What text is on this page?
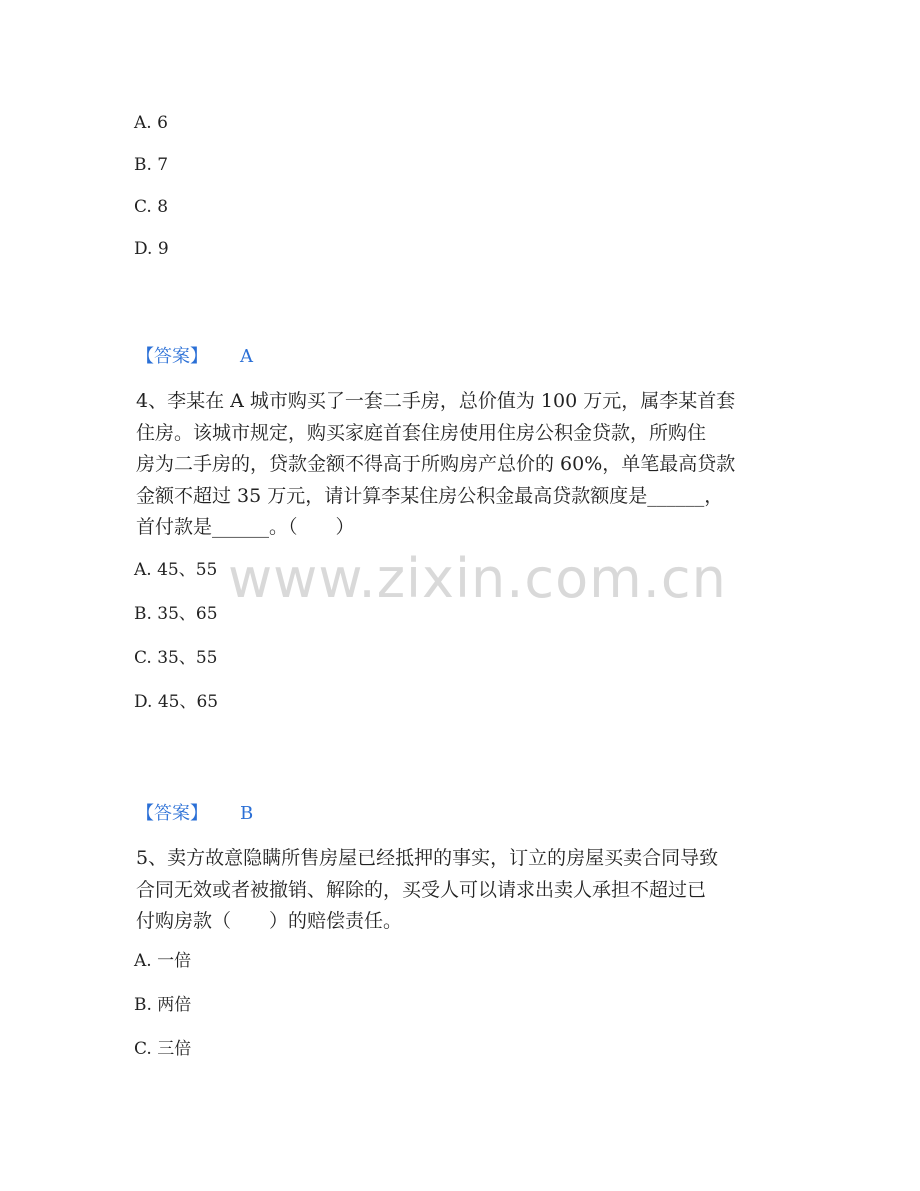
www.zixin.com.cn
A. 6
B. 7
C. 8
D. 9
【答案】 A
4、李某在 A 城市购买了一套二手房，总价值为 100 万元，属李某首套
住房。该城市规定，购买家庭首套住房使用住房公积金贷款，所购住
房为二手房的，贷款金额不得高于所购房产总价的 60%，单笔最高贷款
金额不超过 35 万元，请计算李某住房公积金最高贷款额度是______，
首付款是______。（　　）
A. 45、55
B. 35、65
C. 35、55
D. 45、65
【答案】 B
5、卖方故意隐瞒所售房屋已经抵押的事实，订立的房屋买卖合同导致
合同无效或者被撤销、解除的，买受人可以请求出卖人承担不超过已
付购房款（　　）的赔偿责任。
A. 一倍
B. 两倍
C. 三倍
